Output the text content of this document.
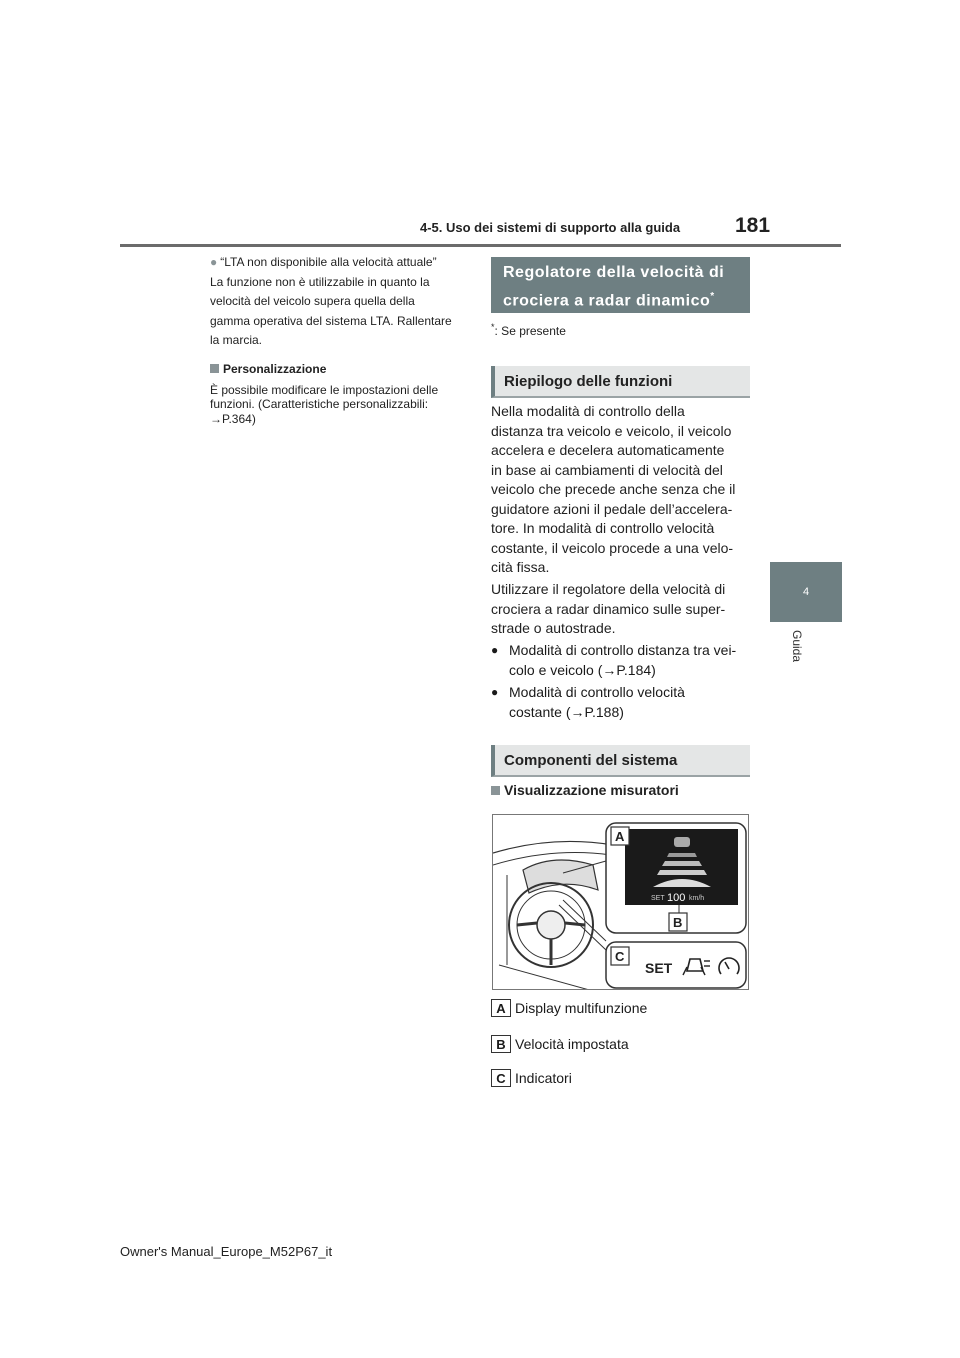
4-5. Uso dei sistemi di supporto alla guida	181
4
Guida
● “LTA non disponibile alla velocità attuale”
La funzione non è utilizzabile in quanto la
velocità del veicolo supera quella della
gamma operativa del sistema LTA. Rallentare
la marcia.
Personalizzazione
È possibile modificare le impostazioni delle
funzioni. (Caratteristiche personalizzabili:
→P.364)
Regolatore della velocità di
crociera a radar dinamico*
*: Se presente
Riepilogo delle funzioni
Nella modalità di controllo della
distanza tra veicolo e veicolo, il veicolo
accelera e decelera automaticamente
in base ai cambiamenti di velocità del
veicolo che precede anche senza che il
guidatore azioni il pedale dell’accelera-
tore. In modalità di controllo velocità
costante, il veicolo procede a una velo-
cità fissa.
Utilizzare il regolatore della velocità di
crociera a radar dinamico sulle super-
strade o autostrade.
● Modalità di controllo distanza tra vei-
colo e veicolo (→P.184)
● Modalità di controllo velocità
costante (→P.188)
Componenti del sistema
Visualizzazione misuratori
SET 100 km/h
A
B
C
SET
A Display multifunzione
B Velocità impostata
C Indicatori
Owner's Manual_Europe_M52P67_it
